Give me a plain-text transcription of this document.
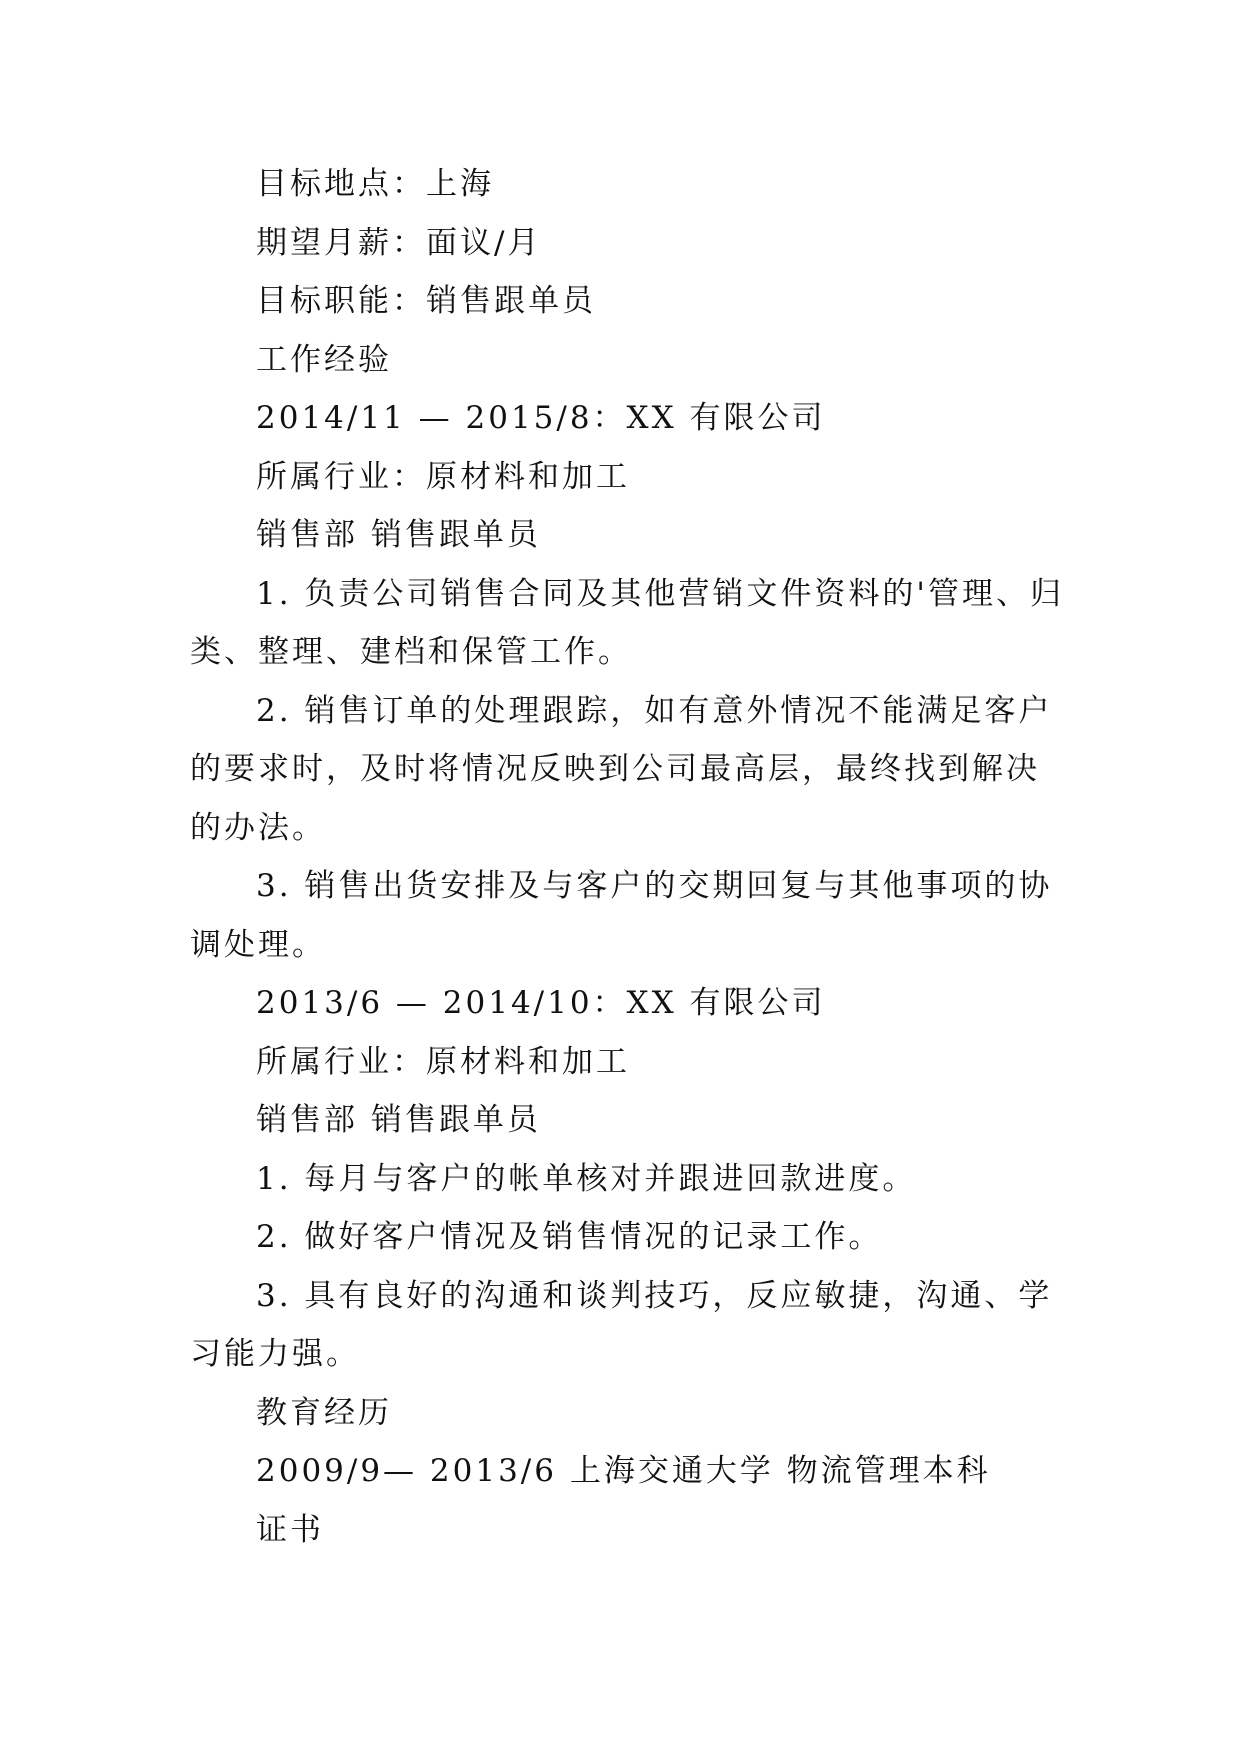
目标地点：上海

期望月薪：面议/月

目标职能：销售跟单员

工作经验

2014/11 — 2015/8：XX 有限公司

所属行业：原材料和加工

销售部 销售跟单员

1. 负责公司销售合同及其他营销文件资料的'管理、归类、整理、建档和保管工作。

2. 销售订单的处理跟踪，如有意外情况不能满足客户的要求时，及时将情况反映到公司最高层，最终找到解决的办法。

3. 销售出货安排及与客户的交期回复与其他事项的协调处理。

2013/6 — 2014/10：XX 有限公司

所属行业：原材料和加工

销售部 销售跟单员

1. 每月与客户的帐单核对并跟进回款进度。

2. 做好客户情况及销售情况的记录工作。

3. 具有良好的沟通和谈判技巧，反应敏捷，沟通、学习能力强。

教育经历

2009/9— 2013/6 上海交通大学 物流管理本科

证书
